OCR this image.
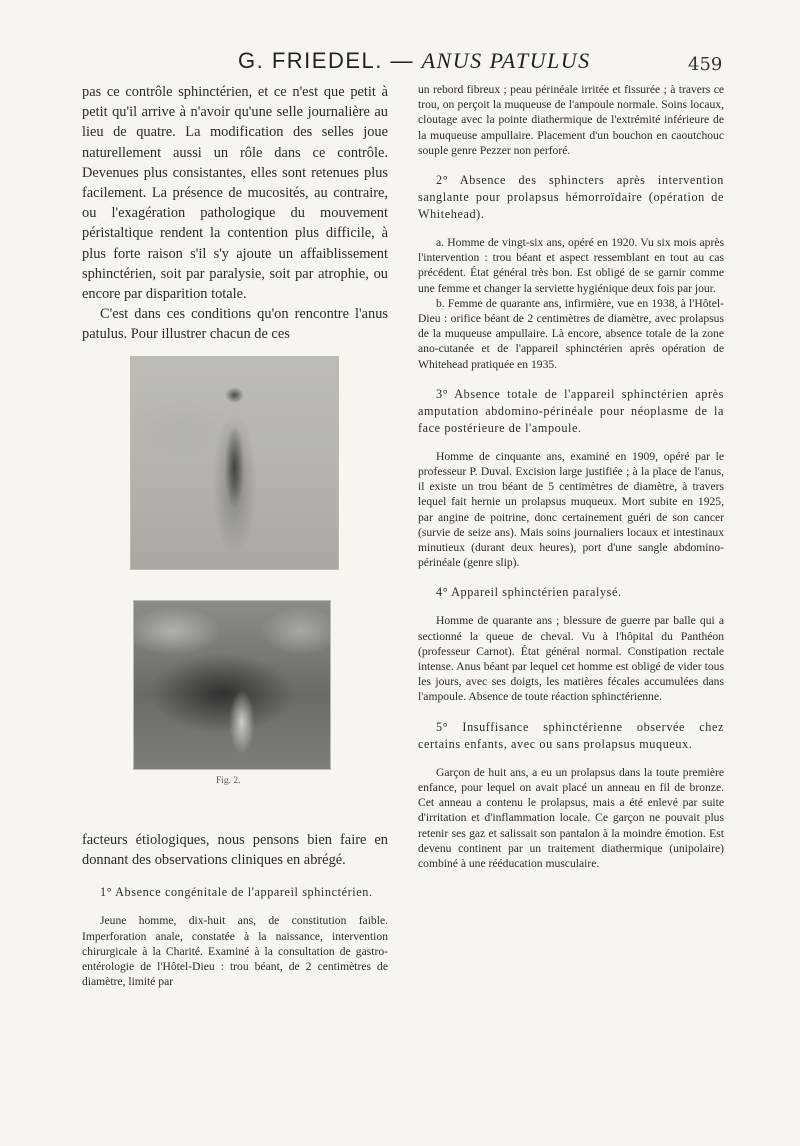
G. FRIEDEL. — ANUS PATULUS	459

pas ce contrôle sphinctérien, et ce n'est que petit à petit qu'il arrive à n'avoir qu'une selle journalière au lieu de quatre. La modification des selles joue naturellement aussi un rôle dans ce contrôle. Devenues plus consistantes, elles sont retenues plus facilement. La présence de mucosités, au contraire, ou l'exagération pathologique du mouvement péristaltique rendent la contention plus difficile, à plus forte raison s'il s'y ajoute un affaiblissement sphinctérien, soit par paralysie, soit par atrophie, ou encore par disparition totale.

C'est dans ces conditions qu'on rencontre l'anus patulus. Pour illustrer chacun de ces

Fig. 2.

facteurs étiologiques, nous pensons bien faire en donnant des observations cliniques en abrégé.

1° Absence congénitale de l'appareil sphinctérien.

Jeune homme, dix-huit ans, de constitution faible. Imperforation anale, constatée à la naissance, intervention chirurgicale à la Charité. Examiné à la consultation de gastro-entérologie de l'Hôtel-Dieu : trou béant, de 2 centimètres de diamètre, limité par

un rebord fibreux ; peau périnéale irritée et fissurée ; à travers ce trou, on perçoit la muqueuse de l'ampoule normale. Soins locaux, cloutage avec la pointe diathermique de l'extrémité inférieure de la muqueuse ampullaire. Placement d'un bouchon en caoutchouc souple genre Pezzer non perforé.

2° Absence des sphincters après intervention sanglante pour prolapsus hémorroïdaire (opération de Whitehead).

a. Homme de vingt-six ans, opéré en 1920. Vu six mois après l'intervention : trou béant et aspect ressemblant en tout au cas précédent. État général très bon. Est obligé de se garnir comme une femme et changer la serviette hygiénique deux fois par jour.

b. Femme de quarante ans, infirmière, vue en 1938, à l'Hôtel-Dieu : orifice béant de 2 centimètres de diamètre, avec prolapsus de la muqueuse ampullaire. Là encore, absence totale de la zone ano-cutanée et de l'appareil sphinctérien après opération de Whitehead pratiquée en 1935.

3° Absence totale de l'appareil sphinctérien après amputation abdomino-périnéale pour néoplasme de la face postérieure de l'ampoule.

Homme de cinquante ans, examiné en 1909, opéré par le professeur P. Duval. Excision large justifiée ; à la place de l'anus, il existe un trou béant de 5 centimètres de diamètre, à travers lequel fait hernie un prolapsus muqueux. Mort subite en 1925, par angine de poitrine, donc certainement guéri de son cancer (survie de seize ans). Mais soins journaliers locaux et intestinaux minutieux (durant deux heures), port d'une sangle abdomino-périnéale (genre slip).

4° Appareil sphinctérien paralysé.

Homme de quarante ans ; blessure de guerre par balle qui a sectionné la queue de cheval. Vu à l'hôpital du Panthéon (professeur Carnot). État général normal. Constipation rectale intense. Anus béant par lequel cet homme est obligé de vider tous les jours, avec ses doigts, les matières fécales accumulées dans l'ampoule. Absence de toute réaction sphinctérienne.

5° Insuffisance sphinctérienne observée chez certains enfants, avec ou sans prolapsus muqueux.

Garçon de huit ans, a eu un prolapsus dans la toute première enfance, pour lequel on avait placé un anneau en fil de bronze. Cet anneau a contenu le prolapsus, mais a été enlevé par suite d'irritation et d'inflammation locale. Ce garçon ne pouvait plus retenir ses gaz et salissait son pantalon à la moindre émotion. Est devenu continent par un traitement diathermique (unipolaire) combiné à une rééducation musculaire.
